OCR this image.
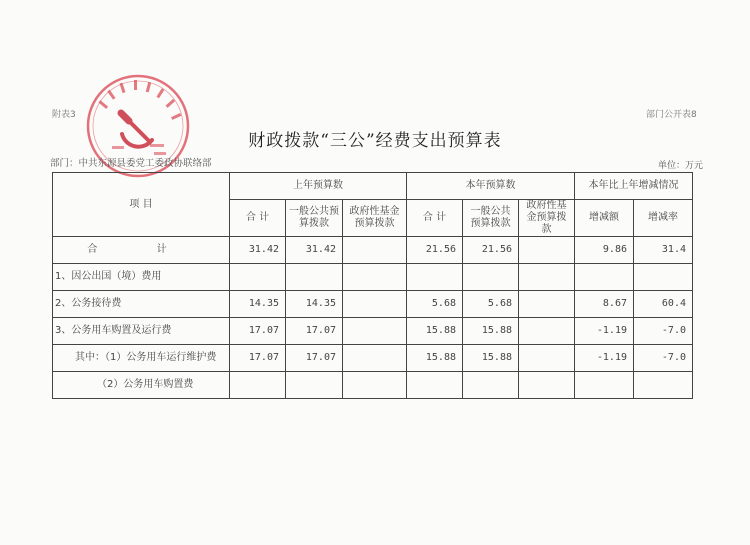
附表3	部门公开表8
财政拨款“三公”经费支出预算表
部门：中共东源县委党工委政协联络部	单位：万元
项 目	上年预算数			本年预算数			本年比上年增减情况	
	合 计	一般公共预算拨款	政府性基金预算拨款	合 计	一般公共预算拨款	政府性基金预算拨款	增减额	增减率
合 计	31.42	31.42		21.56	21.56		9.86	31.4
1、因公出国（境）费用								
2、公务接待费	14.35	14.35		5.68	5.68		8.67	60.4
3、公务用车购置及运行费	17.07	17.07		15.88	15.88		-1.19	-7.0
其中：（1）公务用车运行维护费	17.07	17.07		15.88	15.88		-1.19	-7.0
（2）公务用车购置费								
